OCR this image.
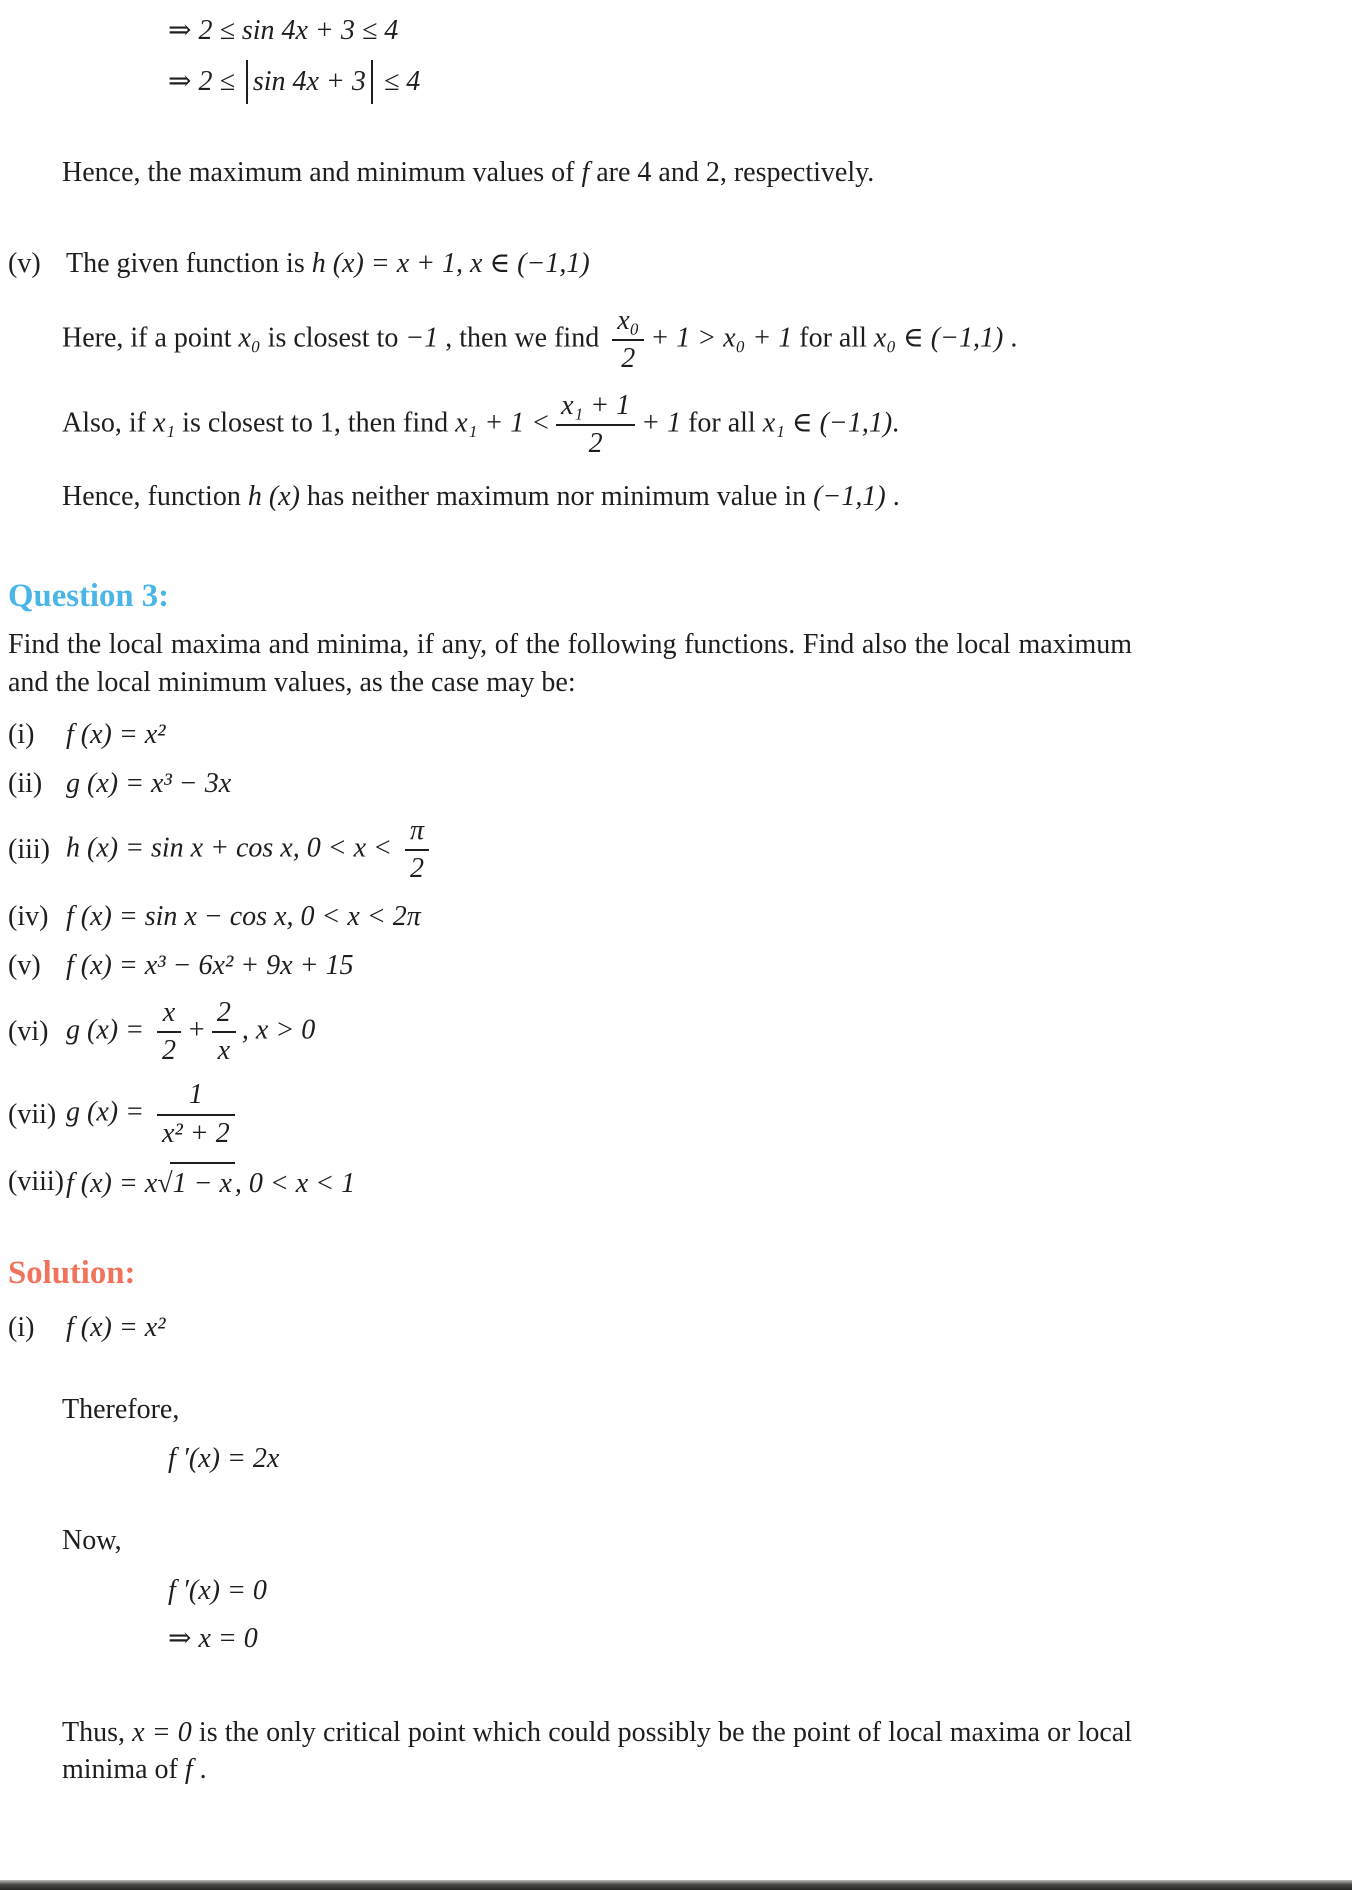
⇒ 2 ≤ sin 4x + 3 ≤ 4
⇒ 2 ≤ sin 4x + 3 ≤ 4

Hence, the maximum and minimum values of f are 4 and 2, respectively.

(v) The given function is h (x) = x + 1, x ∈ (−1,1)

Here, if a point x₀ is closest to −1 , then we find $\frac{\text{x₀}}{2} + 1 > x_0 + 1$ for all x₀ ∈ (−1,1) .

Also, if x₁ is closest to 1, then find $x_1 + 1 < \frac{\text{x₁ + 1}}{2} + 1$ for all x₁ ∈ (−1,1).

Hence, function h (x) has neither maximum nor minimum value in (−1,1) .

Question 3:

Find the local maxima and minima, if any, of the following functions. Find also the local maximum and the local minimum values, as the case may be:

(i)	f (x) = x²
(ii) g (x) = x³ − 3x
(iii) h (x) = sin x + cos x, $0 < x < \frac{\pi}{2}$
(iv) f (x) = sin x − cos x, 0 < x < 2π
(v) f (x) = x³ − 6x² + 9x + 15
(vi) g $(x) = \frac{x}{2} + \frac{2}{x}$ , x > 0
(vii) g $(x) = \frac{1}{\text{x² + 2}}$
(viii) f (x) = x √ 1 − x , 0 < x < 1
Solution:
(i)	f (x) = x²

Therefore,

f ′(x) = 2x

Now,

f ′(x) = 0
⇒ x = 0

Thus, x = 0 is the only critical point which could possibly be the point of local maxima or local minima of f .
